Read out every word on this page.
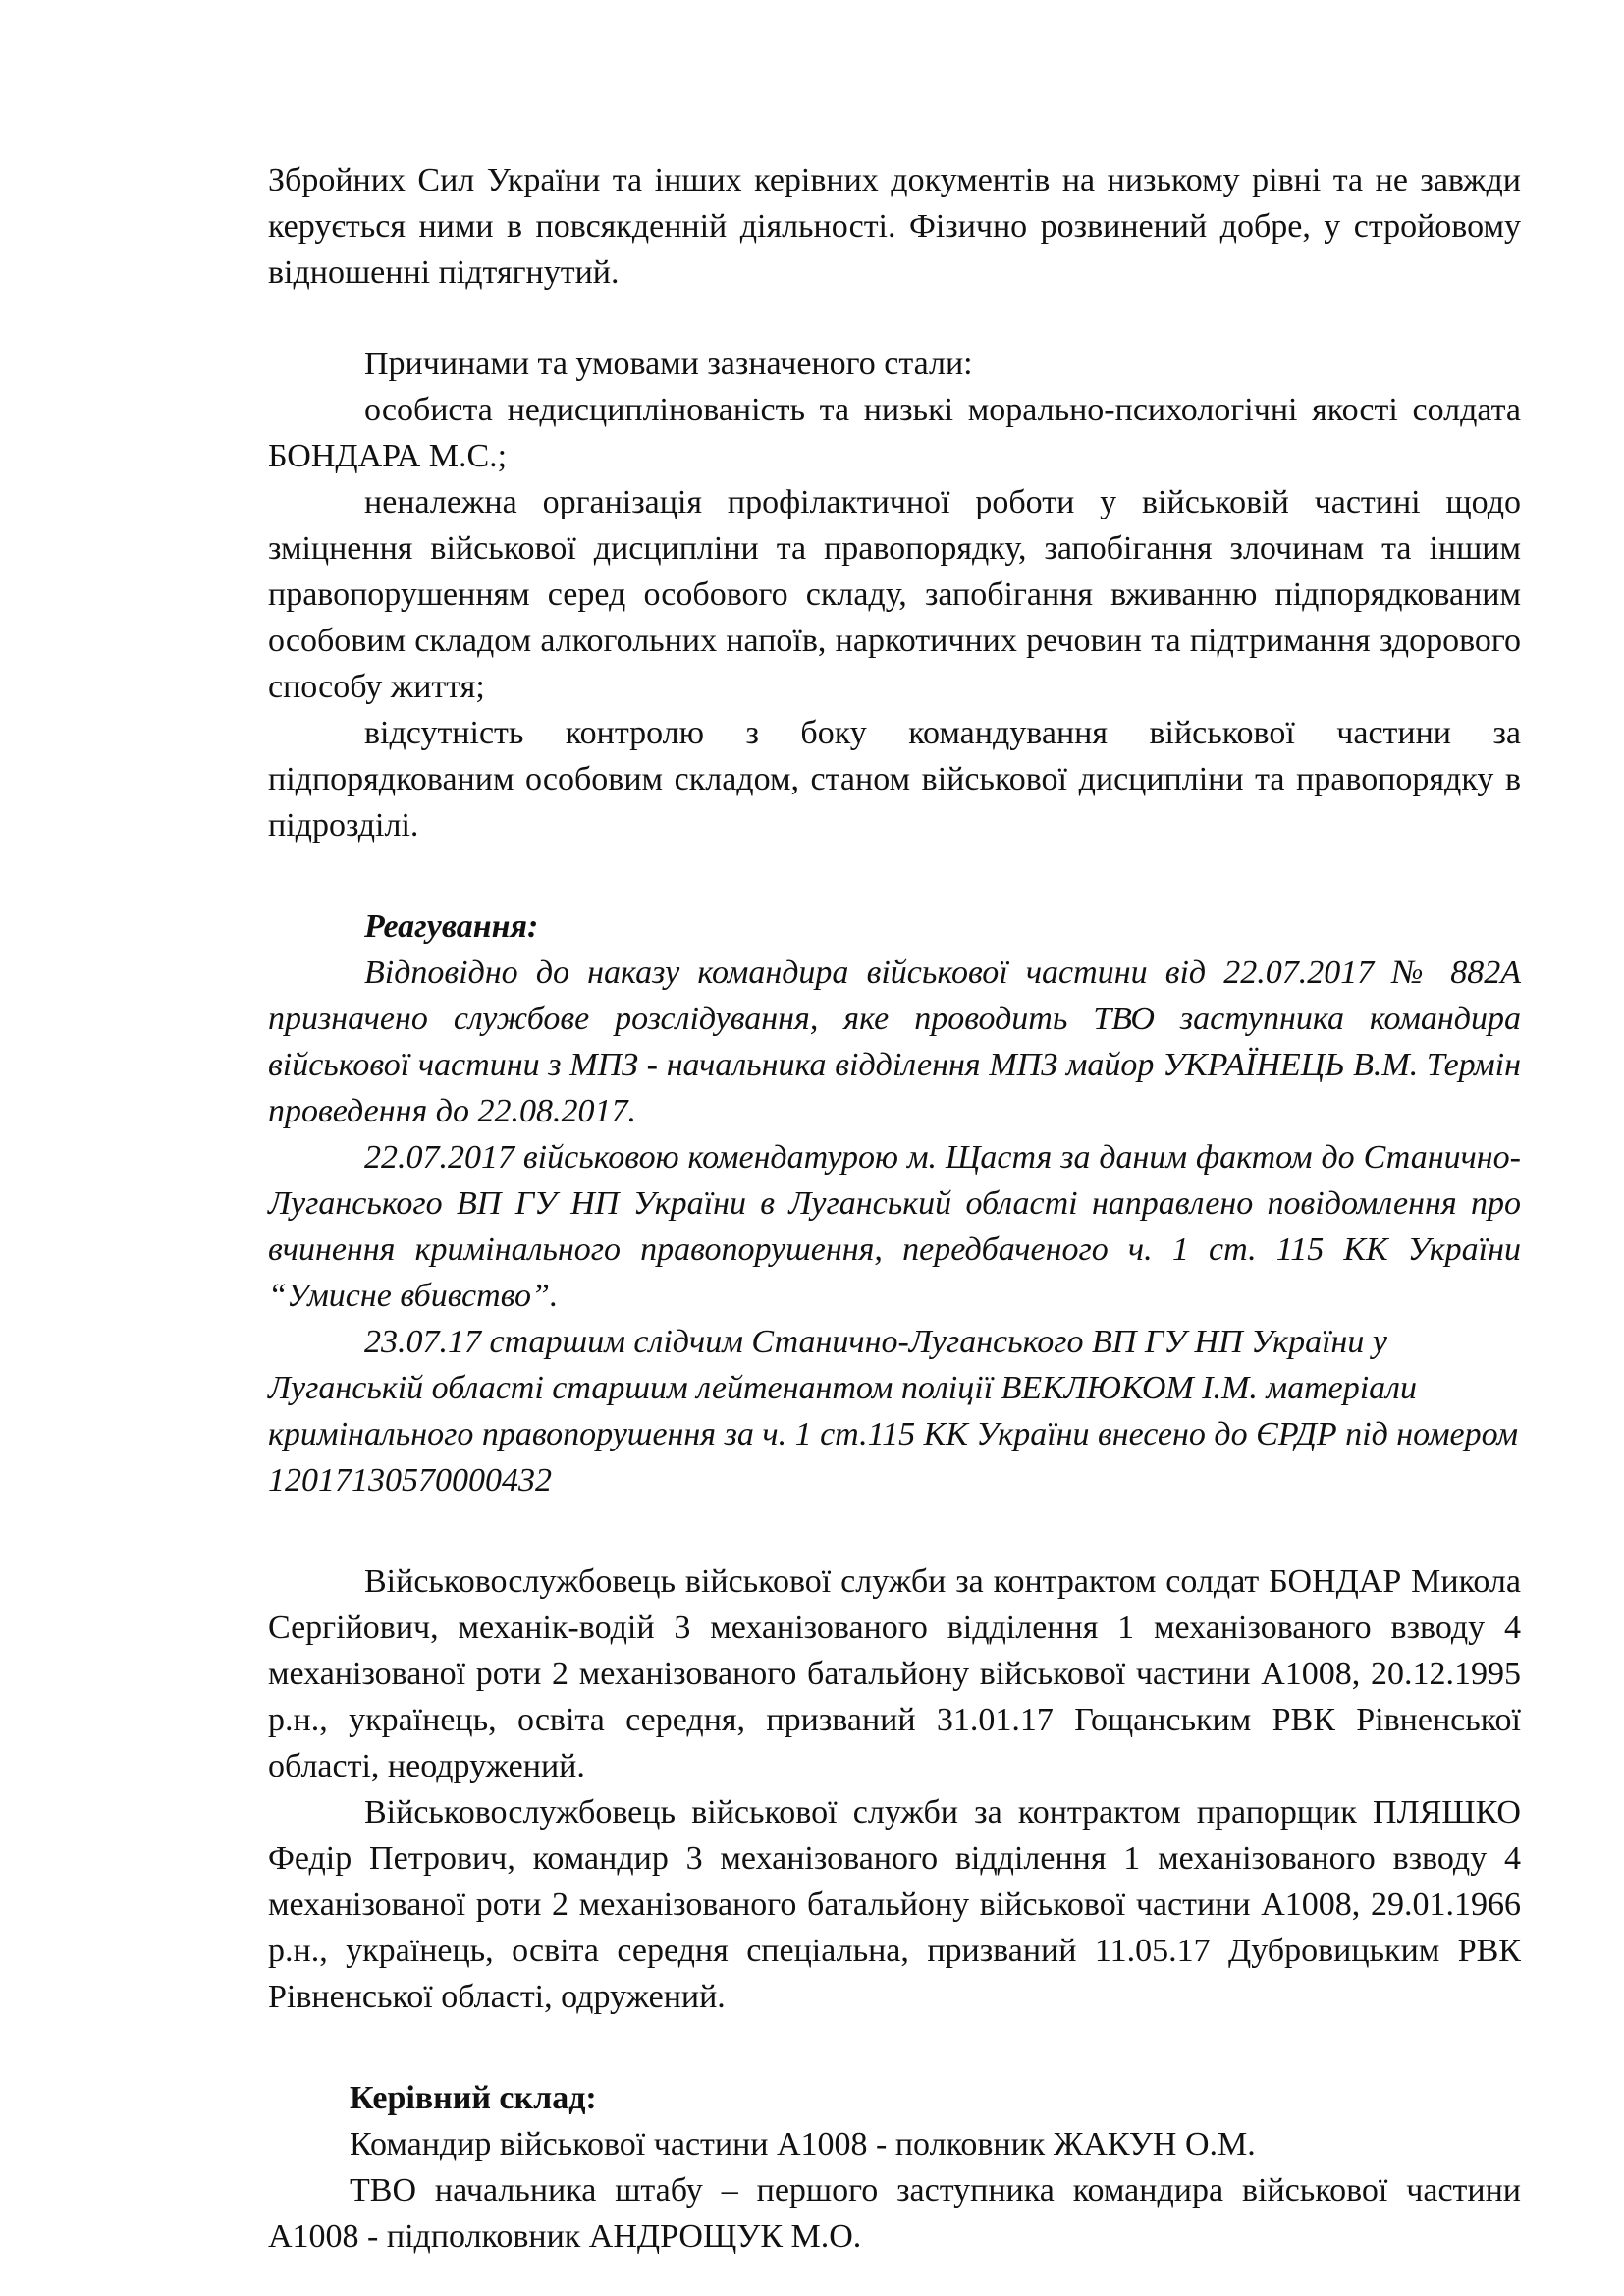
Збройних Сил України та інших керівних документів на низькому рівні та не завжди керується ними в повсякденній діяльності. Фізично розвинений добре, у стройовому відношенні підтягнутий.

Причинами та умовами зазначеного стали:

особиста недисциплінованість та низькі морально-психологічні якості солдата БОНДАРА М.С.;

неналежна організація профілактичної роботи у військовій частині щодо зміцнення військової дисципліни та правопорядку, запобігання злочинам та іншим правопорушенням серед особового складу, запобігання вживанню підпорядкованим особовим складом алкогольних напоїв, наркотичних речовин та підтримання здорового способу життя;

відсутність контролю з боку командування військової частини за підпорядкованим особовим складом, станом військової дисципліни та правопорядку в підрозділі.

Реагування:

Відповідно до наказу командира військової частини від 22.07.2017 № 882А призначено службове розслідування, яке проводить ТВО заступника командира військової частини з МПЗ - начальника відділення МПЗ майор УКРАЇНЕЦЬ В.М. Термін проведення до 22.08.2017.

22.07.2017 військовою комендатурою м. Щастя за даним фактом до Станично-Луганського ВП ГУ НП України в Луганський області направлено повідомлення про вчинення кримінального правопорушення, передбаченого ч. 1 ст. 115 КК України “Умисне вбивство”.

23.07.17 старшим слідчим Станично-Луганського ВП ГУ НП України у Луганській області старшим лейтенантом поліції ВЕКЛЮКОМ І.М. матеріали кримінального правопорушення за ч. 1 ст.115 КК України внесено до ЄРДР під номером 12017130570000432

Військовослужбовець військової служби за контрактом солдат БОНДАР Микола Сергійович, механік-водій 3 механізованого відділення 1 механізованого взводу 4 механізованої роти 2 механізованого батальйону військової частини А1008, 20.12.1995 р.н., українець, освіта середня, призваний 31.01.17 Гощанським РВК Рівненської області, неодружений.

Військовослужбовець військової служби за контрактом прапорщик ПЛЯШКО Федір Петрович, командир 3 механізованого відділення 1 механізованого взводу 4 механізованої роти 2 механізованого батальйону військової частини А1008, 29.01.1966 р.н., українець, освіта середня спеціальна, призваний 11.05.17 Дубровицьким РВК Рівненської області, одружений.

Керівний склад:

Командир військової частини А1008 - полковник ЖАКУН О.М.

ТВО начальника штабу – першого заступника командира військової частини А1008 - підполковник АНДРОЩУК М.О.
